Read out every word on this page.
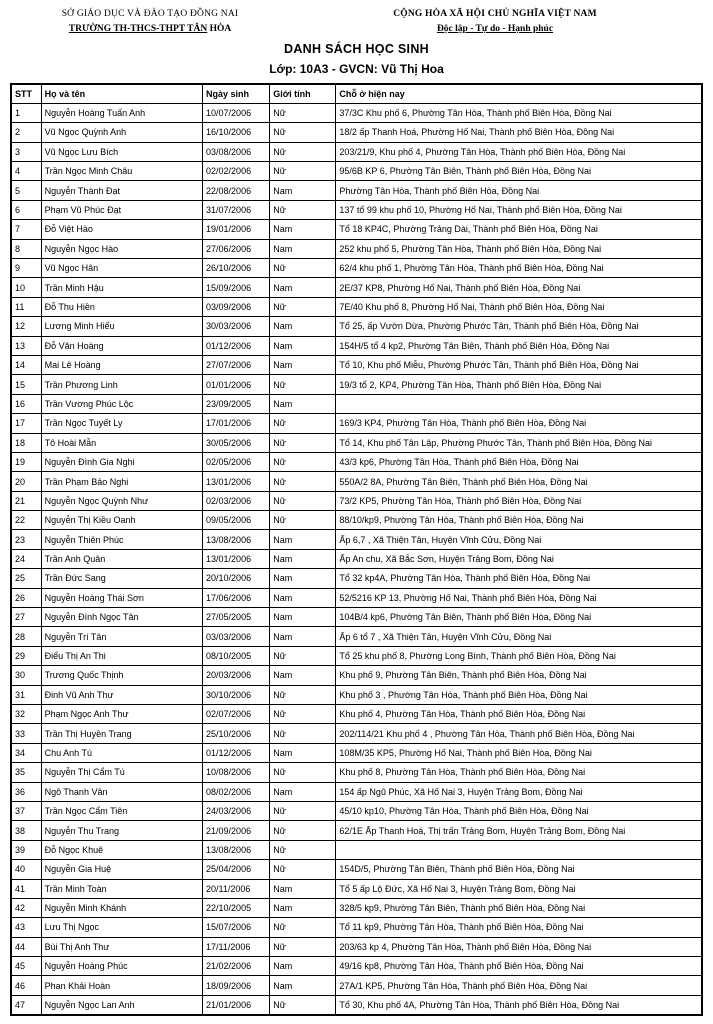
SỞ GIÁO DỤC VÀ ĐÀO TẠO ĐỒNG NAI
TRƯỜNG TH-THCS-THPT TÂN HÒA
CỘNG HÒA XÃ HỘI CHỦ NGHĨA VIỆT NAM
Độc lập - Tự do - Hạnh phúc
DANH SÁCH HỌC SINH
Lớp: 10A3 - GVCN: Vũ Thị Hoa
STT	Họ và tên	Ngày sinh	Giới tính	Chỗ ở hiện nay
1	Nguyễn Hoàng Tuấn Anh	10/07/2006	Nữ	37/3C Khu phố 6, Phường Tân Hòa, Thành phố Biên Hòa, Đồng Nai
2	Vũ Ngọc Quỳnh Anh	16/10/2006	Nữ	18/2 ấp Thanh Hoá, Phường Hố Nai, Thành phố Biên Hòa, Đồng Nai
3	Vũ Ngọc Lưu Bích	03/08/2006	Nữ	203/21/9, Khu phố 4, Phường Tân Hòa, Thành phố Biên Hòa, Đồng Nai
4	Trần Ngọc Minh Châu	02/02/2006	Nữ	95/6B KP 6, Phường Tân Biên, Thành phố Biên Hòa, Đồng Nai
5	Nguyễn Thành Đạt	22/08/2006	Nam	Phường Tân Hòa, Thành phố Biên Hòa, Đồng Nai
6	Phạm Vũ Phúc Đạt	31/07/2006	Nữ	137 tổ 99 khu phố 10, Phường Hố Nai, Thành phố Biên Hòa, Đồng Nai
7	Đỗ Việt Hào	19/01/2006	Nam	Tổ 18 KP4C, Phường Trảng Dài, Thành phố Biên Hòa, Đồng Nai
8	Nguyễn Ngọc Hào	27/06/2006	Nam	252 khu phố 5, Phường Tân Hòa, Thành phố Biên Hòa, Đồng Nai
9	Vũ Ngọc Hân	26/10/2006	Nữ	62/4 khu phố 1, Phường Tân Hòa, Thành phố Biên Hòa, Đồng Nai
10	Trần Minh Hậu	15/09/2006	Nam	2E/37 KP8, Phường Hố Nai, Thành phố Biên Hòa, Đồng Nai
11	Đỗ Thu Hiền	03/09/2006	Nữ	7E/40 Khu phố 8, Phường Hố Nai, Thành phố Biên Hòa, Đồng Nai
12	Lương Minh Hiếu	30/03/2006	Nam	Tổ 25, ấp Vườn Dừa, Phường Phước Tân, Thành phố Biên Hòa, Đồng Nai
13	Đỗ Văn Hoàng	01/12/2006	Nam	154H/5 tổ 4 kp2, Phường Tân Biên, Thành phố Biên Hòa, Đồng Nai
14	Mai Lê Hoàng	27/07/2006	Nam	Tổ 10, Khu phố Miễu, Phường Phước Tân, Thành phố Biên Hòa, Đồng Nai
15	Trần Phương Linh	01/01/2006	Nữ	19/3 tổ 2, KP4, Phường Tân Hòa, Thành phố Biên Hòa, Đồng Nai
16	Trần Vương Phúc Lộc	23/09/2005	Nam	
17	Trần Ngọc Tuyết Ly	17/01/2006	Nữ	169/3 KP4, Phường Tân Hòa, Thành phố Biên Hòa, Đồng Nai
18	Tô Hoài Mẫn	30/05/2006	Nữ	Tổ 14, Khu phố Tân Lập, Phường Phước Tân, Thành phố Biên Hòa, Đồng Nai
19	Nguyễn Đình Gia Nghi	02/05/2006	Nữ	43/3 kp6, Phường Tân Hòa, Thành phố Biên Hòa, Đồng Nai
20	Trần Phạm Bảo Nghi	13/01/2006	Nữ	550A/2 8A, Phường Tân Biên, Thành phố Biên Hòa, Đồng Nai
21	Nguyễn Ngọc Quỳnh Như	02/03/2006	Nữ	73/2 KP5, Phường Tân Hòa, Thành phố Biên Hòa, Đồng Nai
22	Nguyễn Thị Kiều Oanh	09/05/2006	Nữ	88/10/kp9, Phường Tân Hòa, Thành phố Biên Hòa, Đồng Nai
23	Nguyễn Thiên Phúc	13/08/2006	Nam	Ấp 6,7 , Xã Thiện Tân, Huyện Vĩnh Cửu, Đồng Nai
24	Trần Anh Quân	13/01/2006	Nam	Ấp An chu, Xã Bắc Sơn, Huyện Trảng Bom, Đồng Nai
25	Trần Đức Sang	20/10/2006	Nam	Tổ 32 kp4A, Phường Tân Hòa, Thành phố Biên Hòa, Đồng Nai
26	Nguyễn Hoàng Thái Sơn	17/06/2006	Nam	52/5216 KP 13, Phường Hố Nai, Thành phố Biên Hòa, Đồng Nai
27	Nguyễn Đình Ngọc Tân	27/05/2005	Nam	104B/4 kp6, Phường Tân Biên, Thành phố Biên Hòa, Đồng Nai
28	Nguyễn Trí Tân	03/03/2006	Nam	Ấp 6 tổ 7 , Xã Thiện Tân, Huyện Vĩnh Cửu, Đồng Nai
29	Điểu Thị An Thi	08/10/2005	Nữ	Tổ 25 khu phố 8, Phường Long Bình, Thành phố Biên Hòa, Đồng Nai
30	Trương Quốc Thịnh	20/03/2006	Nam	Khu phố 9, Phường Tân Biên, Thành phố Biên Hòa, Đồng Nai
31	Đinh Vũ Anh Thư	30/10/2006	Nữ	Khu phố 3 , Phường Tân Hòa, Thành phố Biên Hòa, Đồng Nai
32	Phạm Ngọc Anh Thư	02/07/2006	Nữ	Khu phố 4, Phường Tân Hòa, Thành phố Biên Hòa, Đồng Nai
33	Trần Thị Huyền Trang	25/10/2006	Nữ	202/114/21 Khu phố 4 , Phường Tân Hòa, Thành phố Biên Hòa, Đồng Nai
34	Chu Anh Tú	01/12/2006	Nam	108M/35 KP5, Phường Hố Nai, Thành phố Biên Hòa, Đồng Nai
35	Nguyễn Thị Cẩm Tú	10/08/2006	Nữ	Khu phố 8, Phường Tân Hòa, Thành phố Biên Hòa, Đồng Nai
36	Ngô Thanh Vân	08/02/2006	Nam	154 ấp Ngũ Phúc, Xã Hố Nai 3, Huyện Trảng Bom, Đồng Nai
37	Trần Ngọc Cẩm Tiên	24/03/2006	Nữ	45/10 kp10, Phường Tân Hòa, Thành phố Biên Hòa, Đồng Nai
38	Nguyễn Thu Trang	21/09/2006	Nữ	62/1E Ấp Thanh Hoá, Thị trấn Trảng Bom, Huyện Trảng Bom, Đồng Nai
39	Đỗ Ngọc Khuê	13/08/2006	Nữ	
40	Nguyễn Gia Huệ	25/04/2006	Nữ	154D/5, Phường Tân Biên, Thành phố Biên Hòa, Đồng Nai
41	Trần Minh Toàn	20/11/2006	Nam	Tổ 5 ấp Lộ Đức, Xã Hố Nai 3, Huyện Trảng Bom, Đồng Nai
42	Nguyễn Minh Khánh	22/10/2005	Nam	328/5 kp9, Phường Tân Biên, Thành phố Biên Hòa, Đồng Nai
43	Lưu Thị Ngọc	15/07/2006	Nữ	Tổ 11 kp9, Phường Tân Hòa, Thành phố Biên Hòa, Đồng Nai
44	Bùi Thị Anh Thư	17/11/2006	Nữ	203/63 kp 4, Phường Tân Hòa, Thành phố Biên Hòa, Đồng Nai
45	Nguyễn Hoàng Phúc	21/02/2006	Nam	49/16 kp8, Phường Tân Hòa, Thành phố Biên Hòa, Đồng Nai
46	Phan Khải Hoàn	18/09/2006	Nam	27A/1 KP5, Phường Tân Hòa, Thành phố Biên Hòa, Đồng Nai
47	Nguyễn Ngọc Lan Anh	21/01/2006	Nữ	Tổ 30, Khu phố 4A, Phường Tân Hòa, Thành phố Biên Hòa, Đồng Nai
